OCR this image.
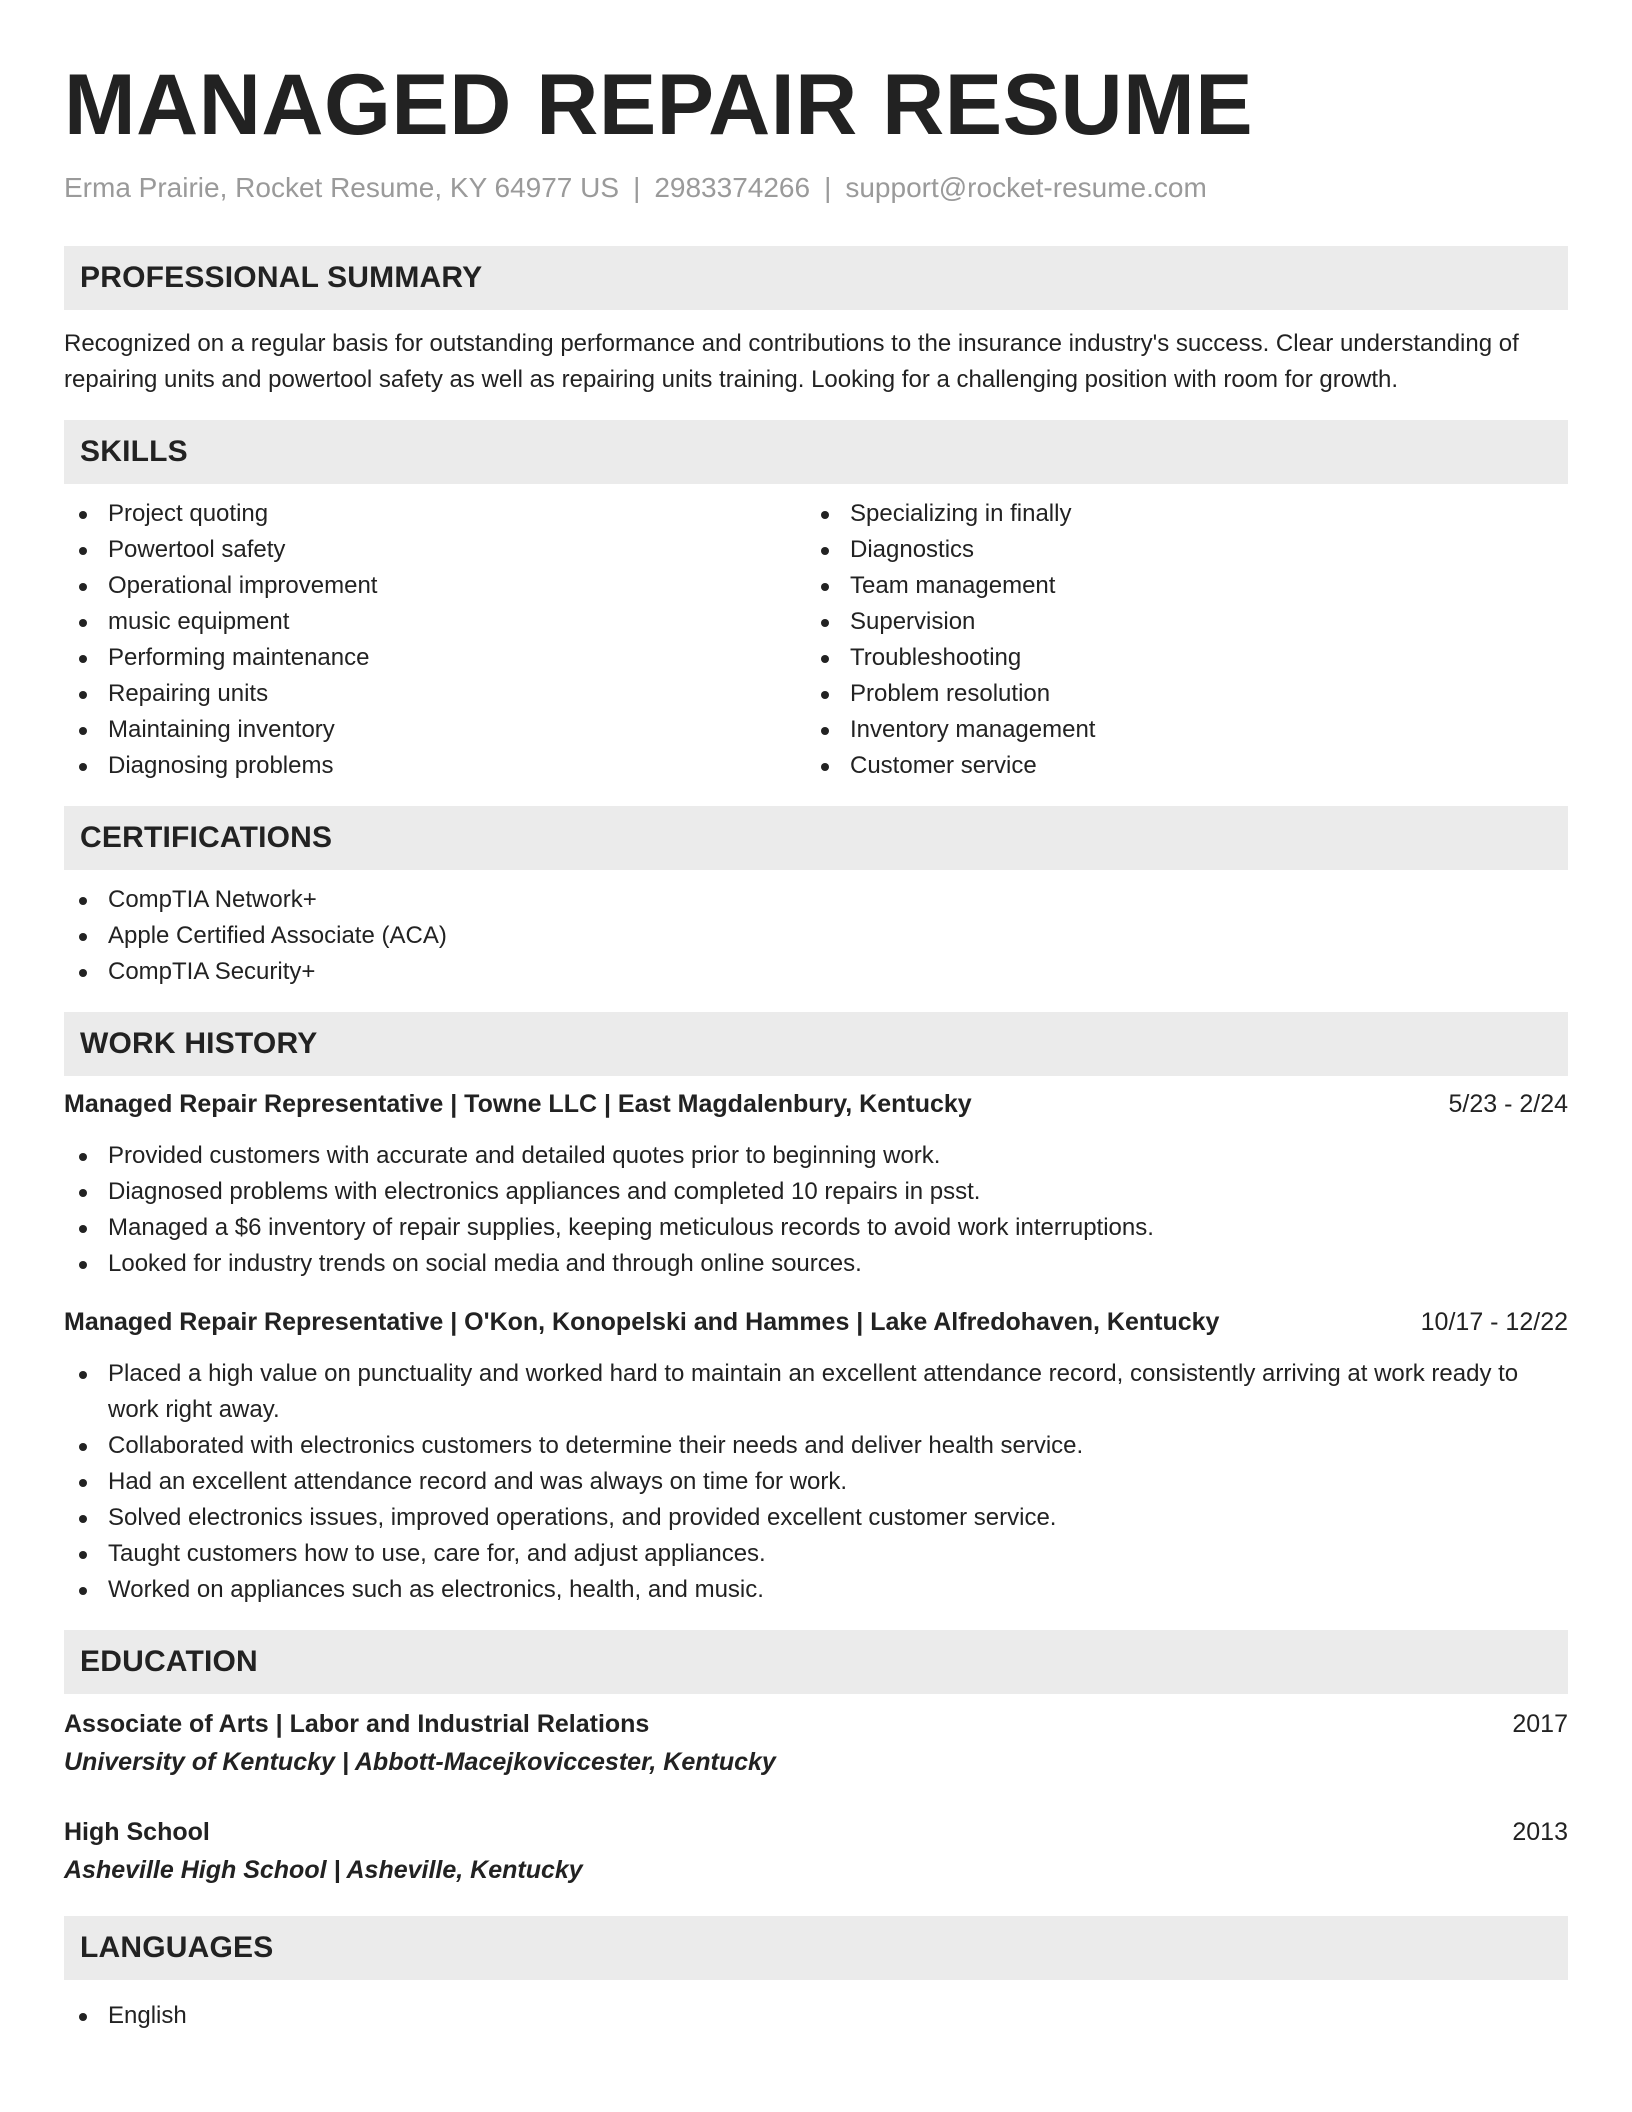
MANAGED REPAIR RESUME
Erma Prairie, Rocket Resume, KY 64977 US | 2983374266 | support@rocket-resume.com
PROFESSIONAL SUMMARY
Recognized on a regular basis for outstanding performance and contributions to the insurance industry's success. Clear understanding of repairing units and powertool safety as well as repairing units training. Looking for a challenging position with room for growth.
SKILLS
Project quoting
Powertool safety
Operational improvement
music equipment
Performing maintenance
Repairing units
Maintaining inventory
Diagnosing problems
Specializing in finally
Diagnostics
Team management
Supervision
Troubleshooting
Problem resolution
Inventory management
Customer service
CERTIFICATIONS
CompTIA Network+
Apple Certified Associate (ACA)
CompTIA Security+
WORK HISTORY
Managed Repair Representative | Towne LLC | East Magdalenbury, Kentucky	5/23 - 2/24
Provided customers with accurate and detailed quotes prior to beginning work.
Diagnosed problems with electronics appliances and completed 10 repairs in psst.
Managed a $6 inventory of repair supplies, keeping meticulous records to avoid work interruptions.
Looked for industry trends on social media and through online sources.
Managed Repair Representative | O'Kon, Konopelski and Hammes | Lake Alfredohaven, Kentucky	10/17 - 12/22
Placed a high value on punctuality and worked hard to maintain an excellent attendance record, consistently arriving at work ready to work right away.
Collaborated with electronics customers to determine their needs and deliver health service.
Had an excellent attendance record and was always on time for work.
Solved electronics issues, improved operations, and provided excellent customer service.
Taught customers how to use, care for, and adjust appliances.
Worked on appliances such as electronics, health, and music.
EDUCATION
Associate of Arts | Labor and Industrial Relations	2017
University of Kentucky | Abbott-Macejkoviccester, Kentucky
High School	2013
Asheville High School | Asheville, Kentucky
LANGUAGES
English
